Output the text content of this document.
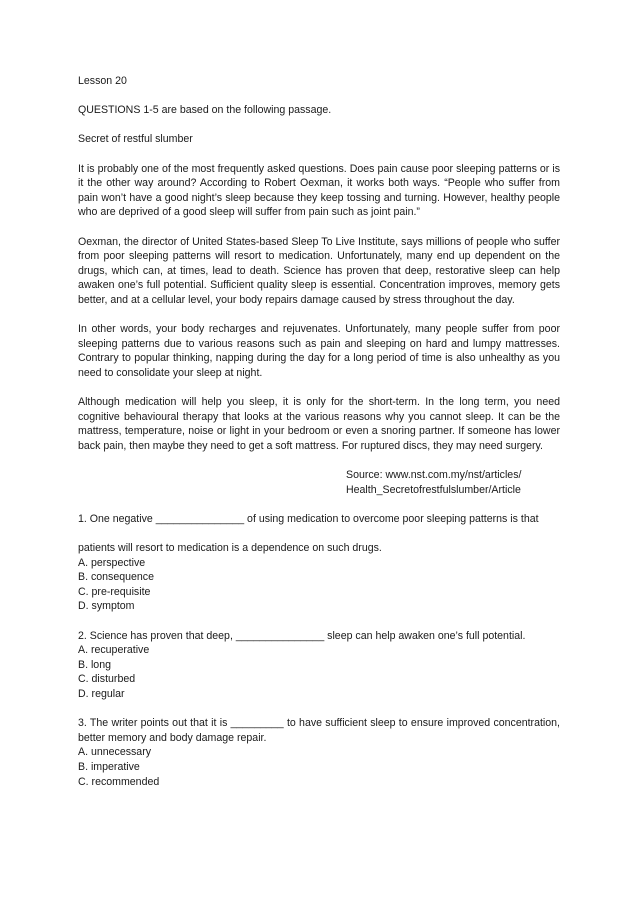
Lesson 20

QUESTIONS 1-5 are based on the following passage.

Secret of restful slumber

It is probably one of the most frequently asked questions. Does pain cause poor sleeping patterns or is it the other way around? According to Robert Oexman, it works both ways. “People who suffer from pain won’t have a good night’s sleep because they keep tossing and turning. However, healthy people who are deprived of a good sleep will suffer from pain such as joint pain.”

Oexman, the director of United States-based Sleep To Live Institute, says millions of people who suffer from poor sleeping patterns will resort to medication. Unfortunately, many end up dependent on the drugs, which can, at times, lead to death. Science has proven that deep, restorative sleep can help awaken one’s full potential. Sufficient quality sleep is essential. Concentration improves, memory gets better, and at a cellular level, your body repairs damage caused by stress throughout the day.

In other words, your body recharges and rejuvenates. Unfortunately, many people suffer from poor sleeping patterns due to various reasons such as pain and sleeping on hard and lumpy mattresses. Contrary to popular thinking, napping during the day for a long period of time is also unhealthy as you need to consolidate your sleep at night.

Although medication will help you sleep, it is only for the short-term. In the long term, you need cognitive behavioural therapy that looks at the various reasons why you cannot sleep. It can be the mattress, temperature, noise or light in your bedroom or even a snoring partner. If someone has lower back pain, then maybe they need to get a soft mattress. For ruptured discs, they may need surgery.

Source: www.nst.com.my/nst/articles/
Health_Secretofrestfulslumber/Article

1. One negative _______________ of using medication to overcome poor sleeping patterns is that

patients will resort to medication is a dependence on such drugs.

A. perspective

B. consequence

C. pre-requisite

D. symptom

2. Science has proven that deep, _______________ sleep can help awaken one’s full potential.

A. recuperative

B. long

C. disturbed

D. regular

3. The writer points out that it is _________ to have sufficient sleep to ensure improved concentration, better memory and body damage repair.

A. unnecessary

B. imperative

C. recommended
